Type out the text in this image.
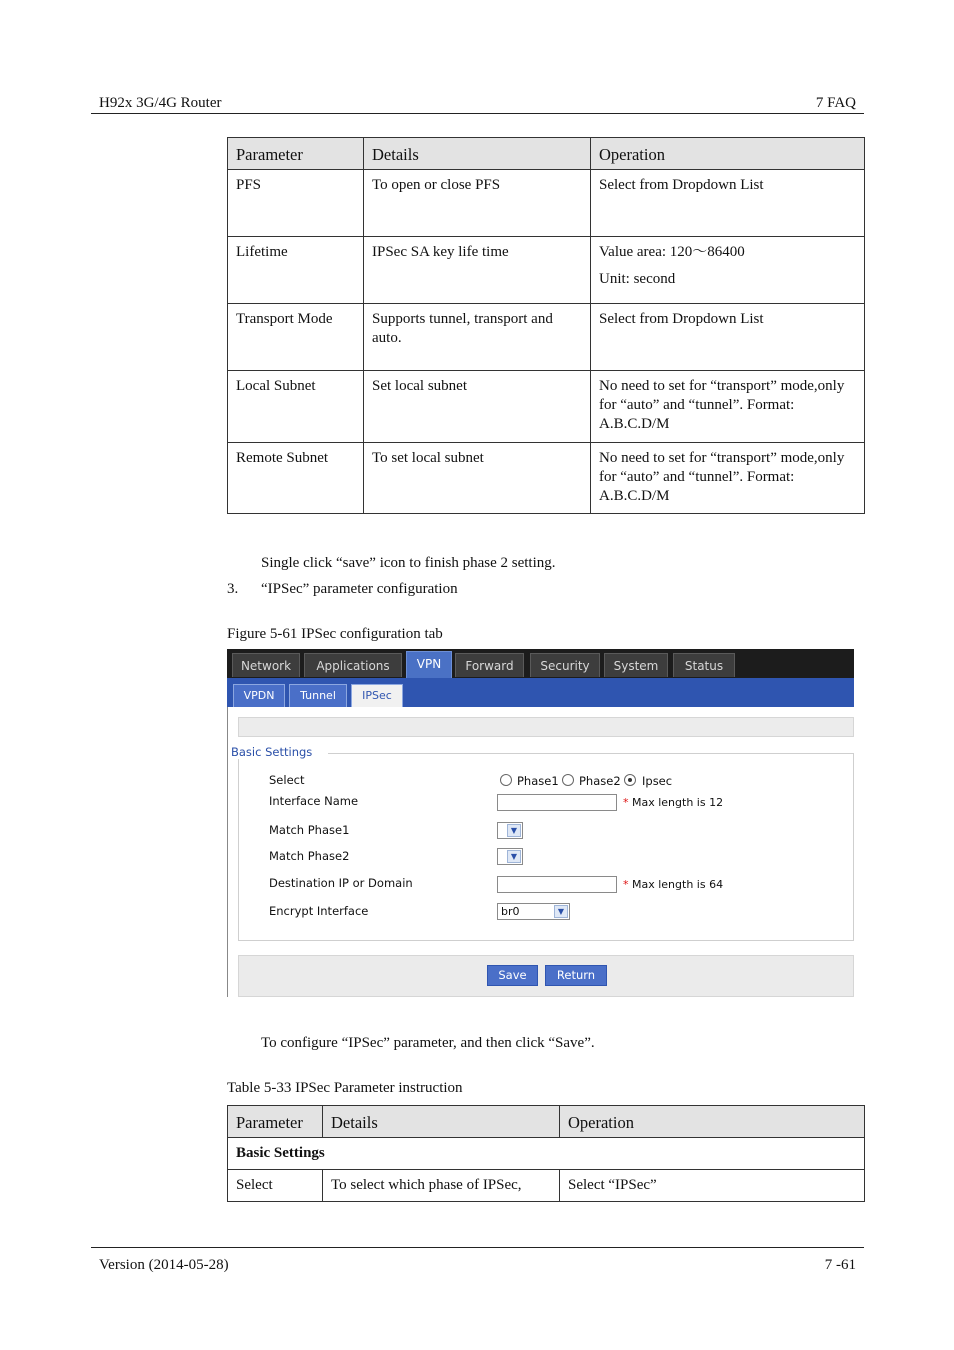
H92x 3G/4G Router	7 FAQ
Parameter	Details	Operation
PFS	To open or close PFS	Select from Dropdown List

Lifetime	IPSec SA key life time	Value area: 120～86400

Unit: second

Transport Mode	Supports tunnel, transport and auto.	Select from Dropdown List

Local Subnet	Set local subnet	No need to set for “transport” mode,only for “auto” and “tunnel”. Format: A.B.C.D/M

Remote Subnet	To set local subnet	No need to set for “transport” mode,only for “auto” and “tunnel”. Format: A.B.C.D/M

Single click “save” icon to finish phase 2 setting.
3. “IPSec” parameter configuration
Figure 5-61 IPSec configuration tab
Network	Applications	VPN	Forward	Security	System	Status
VPDN	Tunnel	IPSec
Basic Settings
Select	Phase1 Phase2 Ipsec
Interface Name	* Max length is 12
Match Phase1	▼
Match Phase2	▼
Destination IP or Domain	* Max length is 64
Encrypt Interface	br0	▼
Save	Return
To configure “IPSec” parameter, and then click “Save”.
Table 5-33 IPSec Parameter instruction
Parameter	Details	Operation
Basic Settings		
Select	To select which phase of IPSec,	Select “IPSec”
Version (2014-05-28)	7 -61
